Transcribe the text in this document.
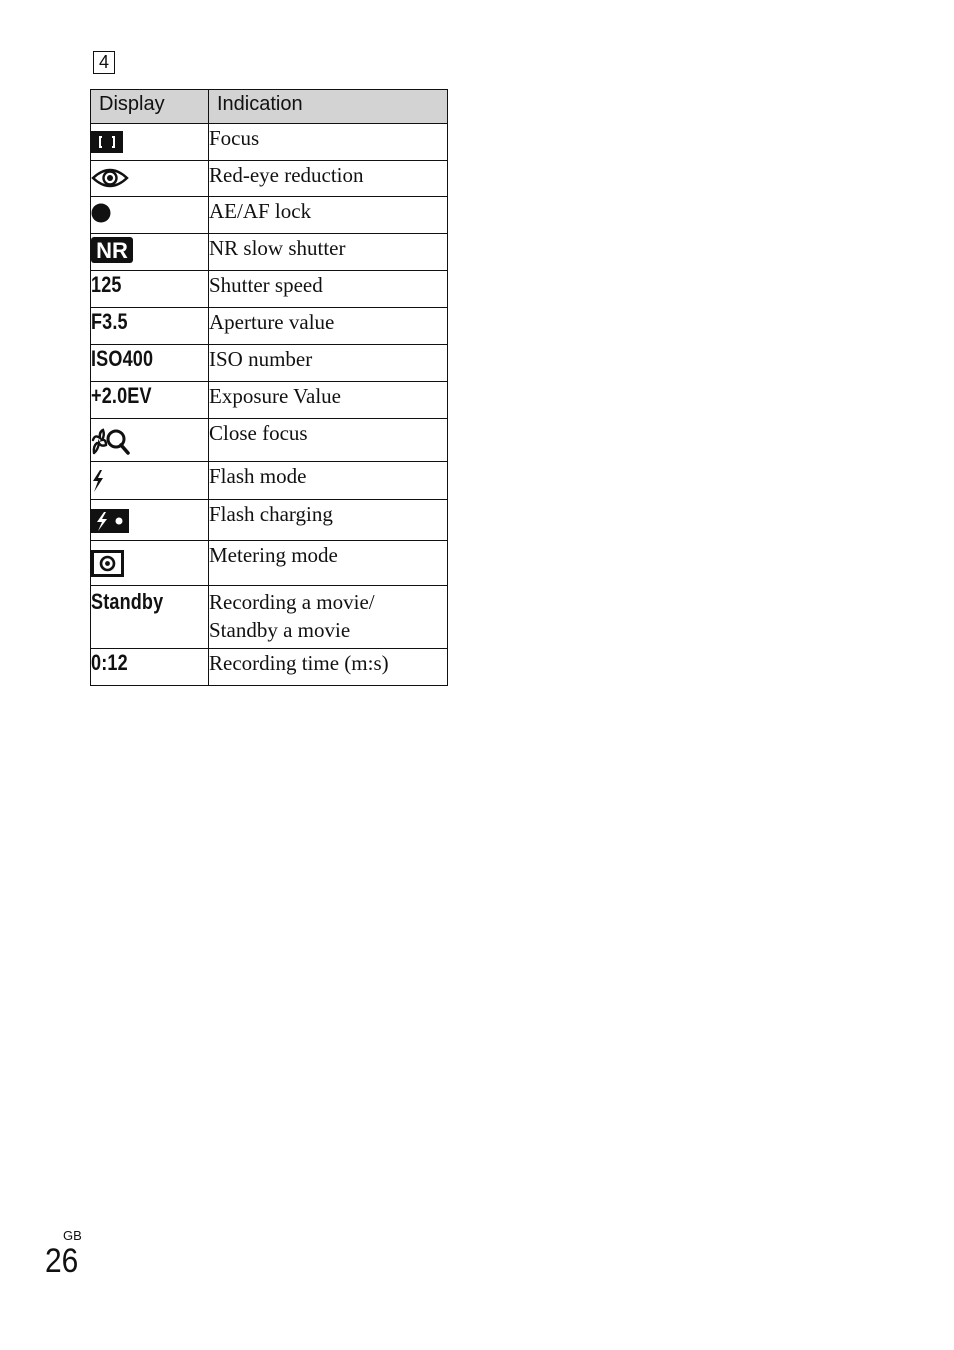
4
Display	Indication
	Focus
	Red-eye reduction
	AE/AF lock

NR	NR slow shutter
125	Shutter speed
F3.5	Aperture value
ISO400	ISO number
+2.0EV	Exposure Value
	Close focus
	Flash mode
	Flash charging
	Metering mode
Standby	Recording a movie/
Standby a movie

0:12	Recording time (m:s)
GB
26
